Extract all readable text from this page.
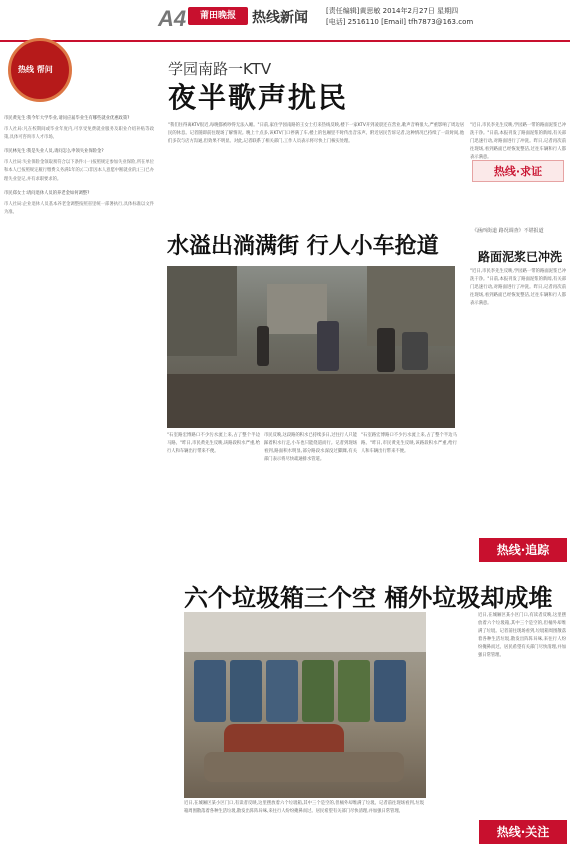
A4	莆田晚报	热线新闻	[责任编辑]黄思敏 2014年2月27日 星期四
[电话] 2516110 [Email] tfh7873@163.com
热线 帮问
市民黄先生:我今年大学毕业,请问应届毕业生有哪些就业优惠政策?
市人社局:凡在校期间或毕业年度内,可享受免费就业服务及职业介绍补贴等政策,具体可咨询市人才市场。
市民林先生:我是失业人员,请问怎么申领失业保险金?
市人社局:失业保险金领取须符合以下条件:(一)按照规定参加失业保险,所在单位和本人已按照规定履行缴费义务满1年的;(二)非因本人意愿中断就业的;(三)已办理失业登记,并有求职要求的。
市民郑女士:请问退休人员的养老金如何调整?
市人社局:企业退休人员基本养老金调整按照省里统一部署执行,具体标准以文件为准。
学园南路一KTV
夜半歌声扰民
"我们住得离KTV很近,每晚都被吵得无法入睡。"日前,家住学园南路的王女士打来热线反映,楼下一家KTV开到凌晨还在营业,歌声音响很大,严重影响了周边居民的休息。记者随即前往现场了解情况。晚上十点多,该KTV门口停满了车,楼上的包厢里不时传出音乐声。附近居民告诉记者,这种情况已持续了一段时间,他们多次与店方沟通,但效果不明显。对此,记者联系了相关部门,工作人员表示将尽快上门核实处理。
热线·求证
"近日,市民李先生反映,学园路一带的路面泥浆已冲洗干净。"日前,本报刊发了路面泥浆的新闻,有关部门迅速行动,对路面进行了冲洗。昨日,记者再次前往现场,看到路面已经恢复整洁,过往车辆和行人都表示满意。
《涵西街道 路况调查》不堪报道
路面泥浆已冲洗
"近日,市民李先生反映,学园路一带的路面泥浆已冲洗干净。"日前,本报刊发了路面泥浆的新闻,有关部门迅速行动,对路面进行了冲洗。昨日,记者再次前往现场,看到路面已经恢复整洁,过往车辆和行人都表示满意。
水溢出淌满街 行人小车抢道
"石室路宏博路口不少污水流上来,占了整个半边马路。"昨日,市民黄先生反映,该路段积水严重,给行人和车辆出行带来不便。
市民反映,这段路的积水已持续多日,过往行人只能踩着积水行走,小车也只能绕道而行。记者到现场看到,路面积水明显,部分路段水深没过脚踝,有关部门表示将尽快疏通排水管道。
"石室路宏博路口不少污水流上来,占了整个半边马路。"昨日,市民黄先生反映,该路段积水严重,给行人和车辆出行带来不便。
热线·追踪
六个垃圾箱三个空 桶外垃圾却成堆
近日,在城厢区某小区门口,有读者反映,这里摆放着六个垃圾箱,其中三个是空的,但桶外却堆满了垃圾。记者前往现场看到,垃圾箱周围散落着各种生活垃圾,散发出阵阵异味,来往行人纷纷掩鼻而过。居民希望有关部门尽快清理,并加强日常管理。
近日,在城厢区某小区门口,有读者反映,这里摆放着六个垃圾箱,其中三个是空的,但桶外却堆满了垃圾。记者前往现场看到,垃圾箱周围散落着各种生活垃圾,散发出阵阵异味,来往行人纷纷掩鼻而过。居民希望有关部门尽快清理,并加强日常管理。
热线·关注
